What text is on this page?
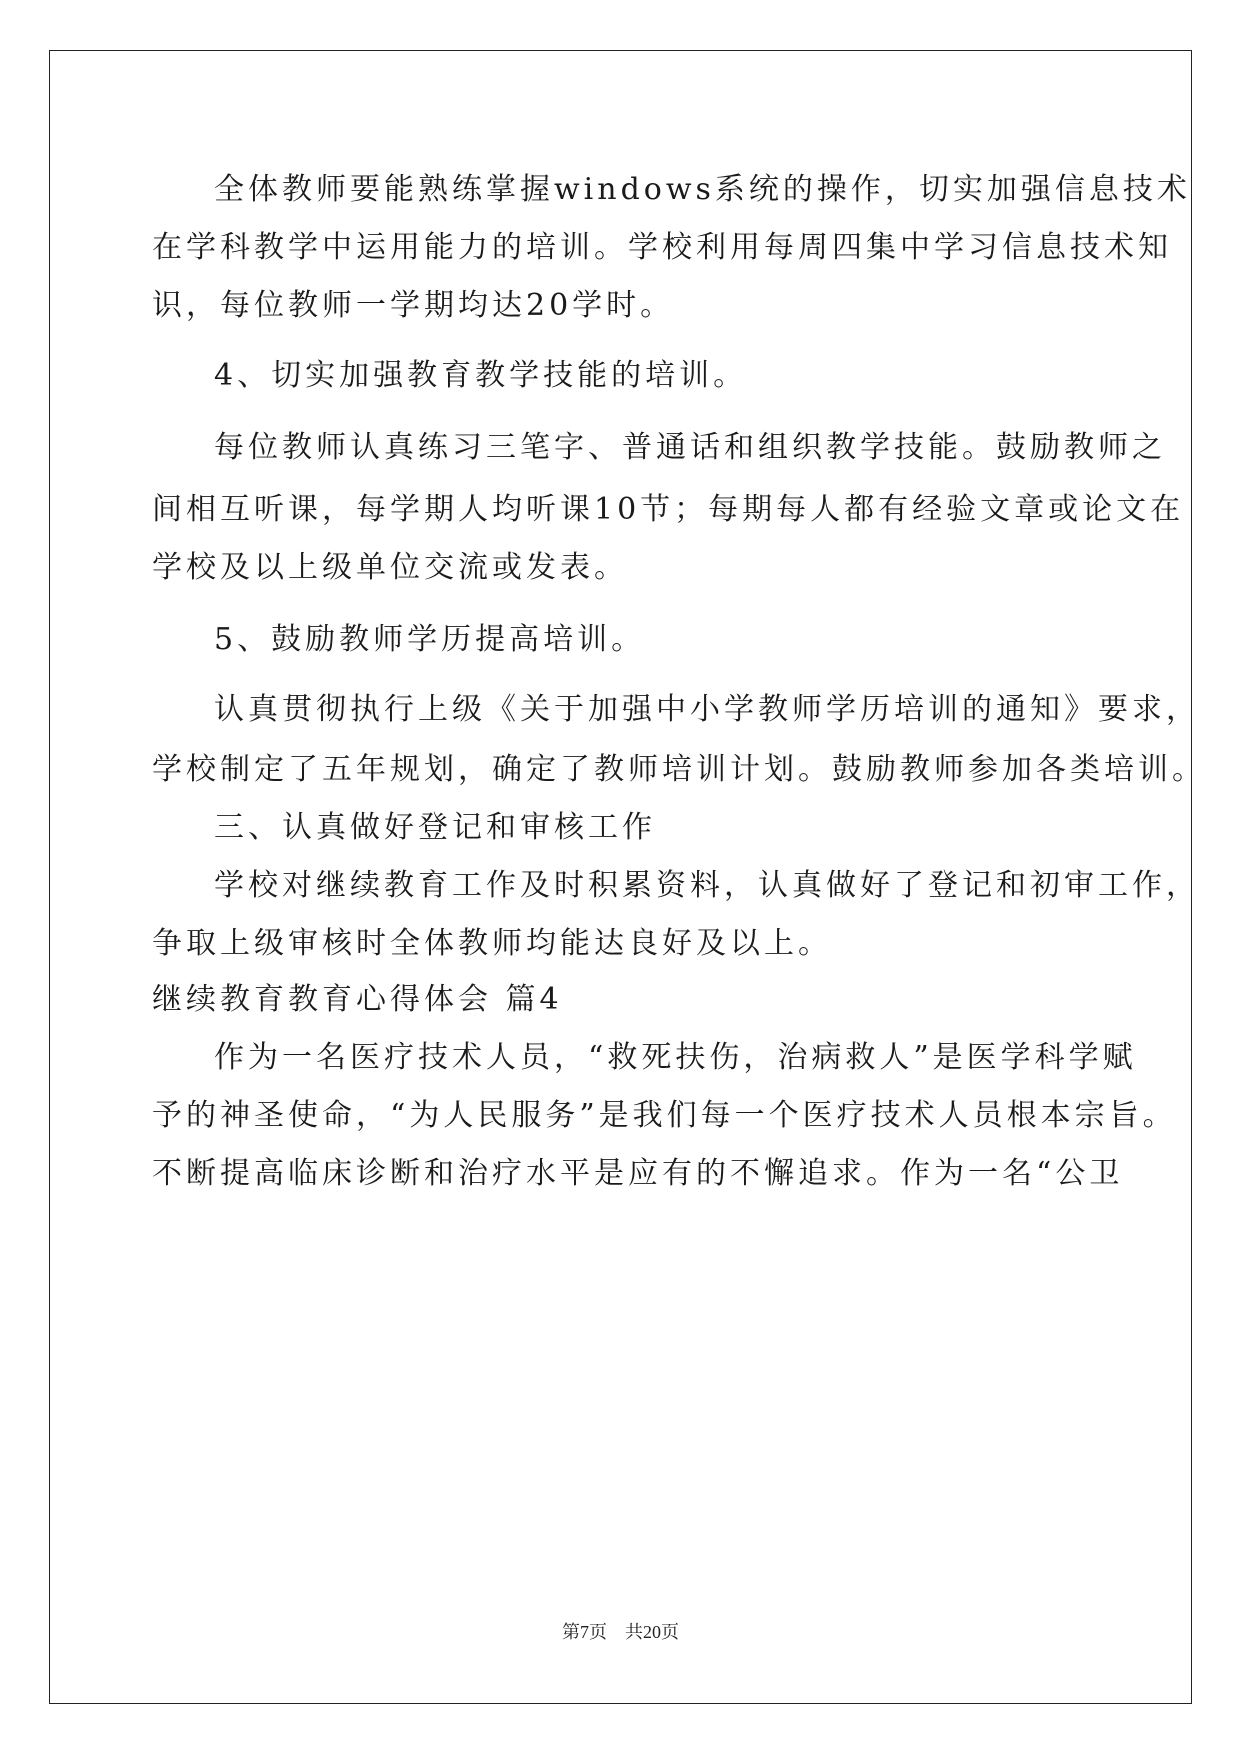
全体教师要能熟练掌握windows系统的操作，切实加强信息技术
在学科教学中运用能力的培训。学校利用每周四集中学习信息技术知
识，每位教师一学期均达20学时。
4、切实加强教育教学技能的培训。
每位教师认真练习三笔字、普通话和组织教学技能。鼓励教师之
间相互听课，每学期人均听课10节；每期每人都有经验文章或论文在
学校及以上级单位交流或发表。
5、鼓励教师学历提高培训。
认真贯彻执行上级《关于加强中小学教师学历培训的通知》要求，
学校制定了五年规划，确定了教师培训计划。鼓励教师参加各类培训。
三、认真做好登记和审核工作
学校对继续教育工作及时积累资料，认真做好了登记和初审工作，
争取上级审核时全体教师均能达良好及以上。
继续教育教育心得体会 篇4
作为一名医疗技术人员，“救死扶伤，治病救人”是医学科学赋
予的神圣使命，“为人民服务”是我们每一个医疗技术人员根本宗旨。
不断提高临床诊断和治疗水平是应有的不懈追求。作为一名“公卫
第7页　共20页
